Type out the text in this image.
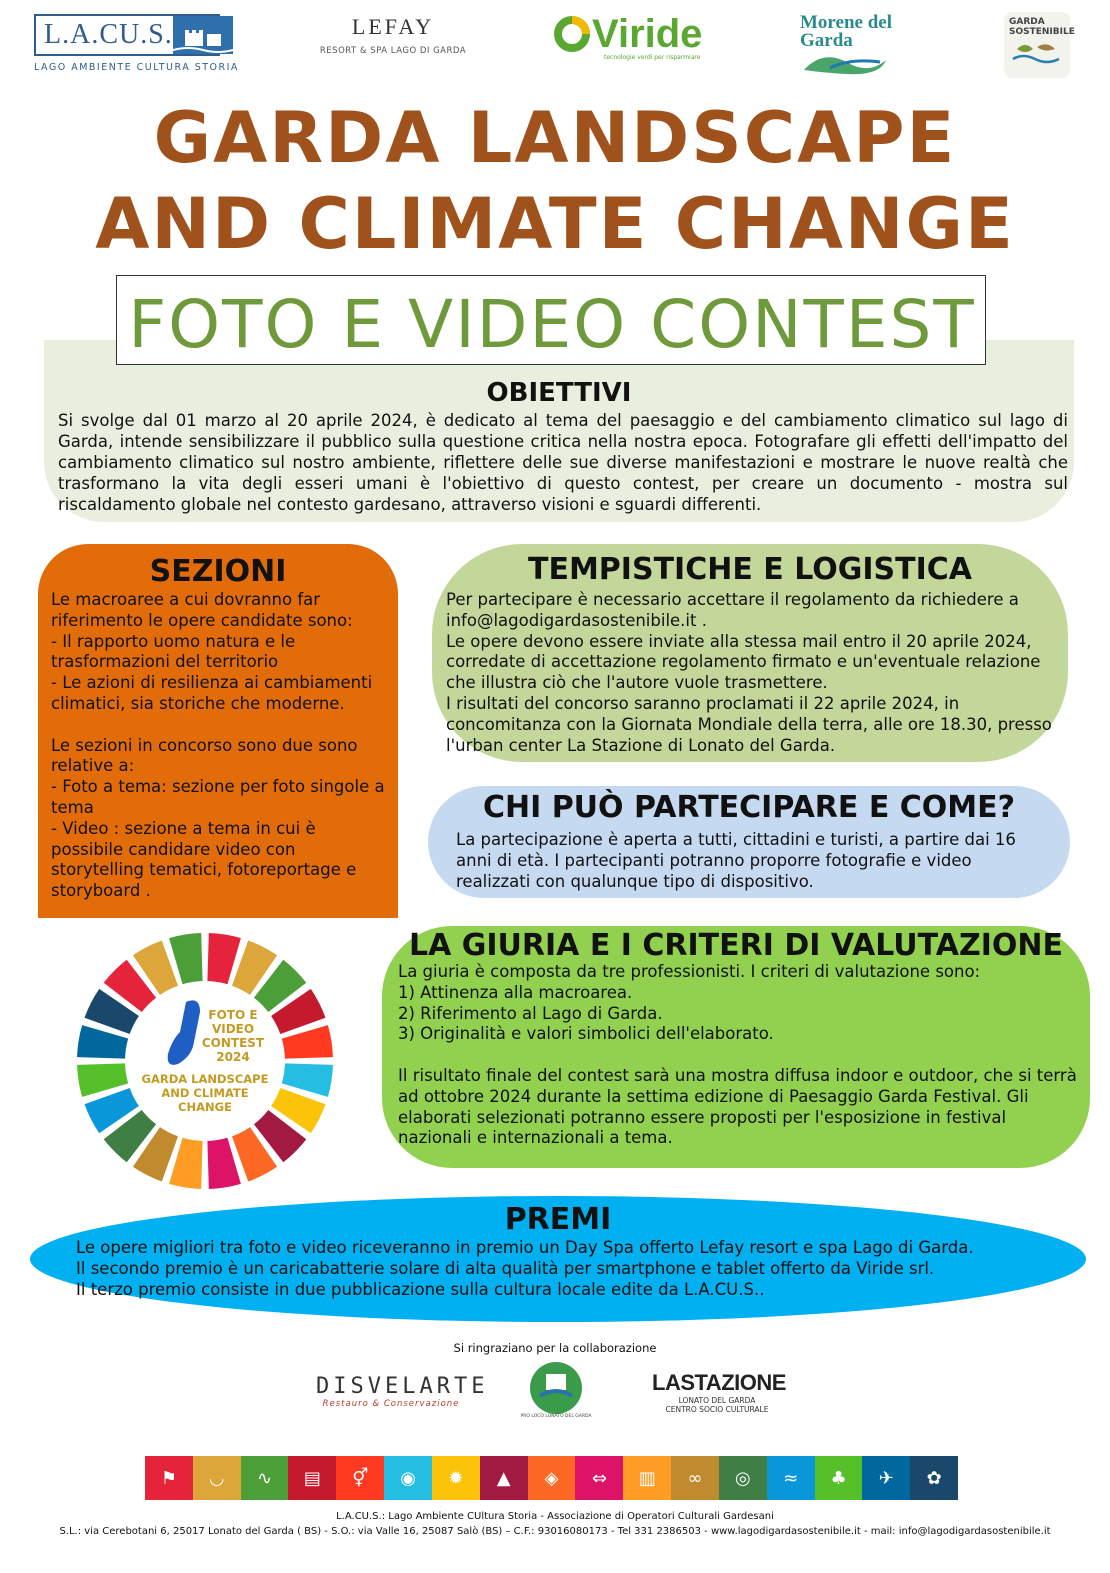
L.A.CU.S.
LAGO AMBIENTE CULTURA STORIA
LEFAY
RESORT & SPA LAGO DI GARDA	Viride
tecnologie verdi per risparmiare
Morene del Garda
GARDA SOSTENIBILE
GARDA LANDSCAPE
AND CLIMATE CHANGE
OBIETTIVI
Si svolge dal 01 marzo al 20 aprile 2024, è dedicato al tema del paesaggio e del cambiamento climatico sul lago di Garda, intende sensibilizzare il pubblico sulla questione critica nella nostra epoca. Fotografare gli effetti dell'impatto del cambiamento climatico sul nostro ambiente, riflettere delle sue diverse manifestazioni e mostrare le nuove realtà che trasformano la vita degli esseri umani è l'obiettivo di questo contest, per creare un documento - mostra sul riscaldamento globale nel contesto gardesano, attraverso visioni e sguardi differenti.
FOTO E VIDEO CONTEST
SEZIONI
Le macroaree a cui dovranno far riferimento le opere candidate sono:
- Il rapporto uomo natura e le trasformazioni del territorio
- Le azioni di resilienza ai cambiamenti climatici, sia storiche che moderne.

Le sezioni in concorso sono due sono relative a:
- Foto a tema: sezione per foto singole a tema
- Video : sezione a tema in cui è possibile candidare video con storytelling tematici, fotoreportage e storyboard .
TEMPISTICHE E LOGISTICA
Per partecipare è necessario accettare il regolamento da richiedere a info@lagodigardasostenibile.it .
Le opere devono essere inviate alla stessa mail entro il 20 aprile 2024, corredate di accettazione regolamento firmato e un'eventuale relazione che illustra ciò che l'autore vuole trasmettere.
I risultati del concorso saranno proclamati il 22 aprile 2024, in concomitanza con la Giornata Mondiale della terra, alle ore 18.30, presso l'urban center La Stazione di Lonato del Garda.
CHI PUÒ PARTECIPARE E COME?
La partecipazione è aperta a tutti, cittadini e turisti, a partire dai 16 anni di età. I partecipanti potranno proporre fotografie e video
realizzati con qualunque tipo di dispositivo.
LA GIURIA E I CRITERI DI VALUTAZIONE
La giuria è composta da tre professionisti. I criteri di valutazione sono:
1) Attinenza alla macroarea.
2) Riferimento al Lago di Garda.
3) Originalità e valori simbolici dell'elaborato.

Il risultato finale del contest sarà una mostra diffusa indoor e outdoor, che si terrà ad ottobre 2024 durante la settima edizione di Paesaggio Garda Festival. Gli elaborati selezionati potranno essere proposti per l'esposizione in festival nazionali e internazionali a tema.
FOTO E
VIDEO
CONTEST
2024
GARDA LANDSCAPE
AND CLIMATE
CHANGE
PREMI
Le opere migliori tra foto e video riceveranno in premio un Day Spa offerto Lefay resort e spa Lago di Garda.
Il secondo premio è un caricabatterie solare di alta qualità per smartphone e tablet offerto da Viride srl.
Il terzo premio consiste in due pubblicazione sulla cultura locale edite da L.A.CU.S..
Si ringraziano per la collaborazione
DISVELARTE
Restauro & Conservazione
PRO LOCO LONATO DEL GARDA
LASTAZIONE
LONATO DEL GARDA
CENTRO SOCIO CULTURALE
⚑	◡	∿	▤	⚥	◉	✹	▲	◈	⇔	▥	∞	◎	≈	♣	✈	✿
L.A.CU.S.: Lago Ambiente CUltura Storia - Associazione di Operatori Culturali Gardesani
S.L.: via Cerebotani 6, 25017 Lonato del Garda ( BS) - S.O.: via Valle 16, 25087 Salò (BS) – C.F.: 93016080173 - Tel 331 2386503 - www.lagodigardasostenibile.it - mail: info@lagodigardasostenibile.it
